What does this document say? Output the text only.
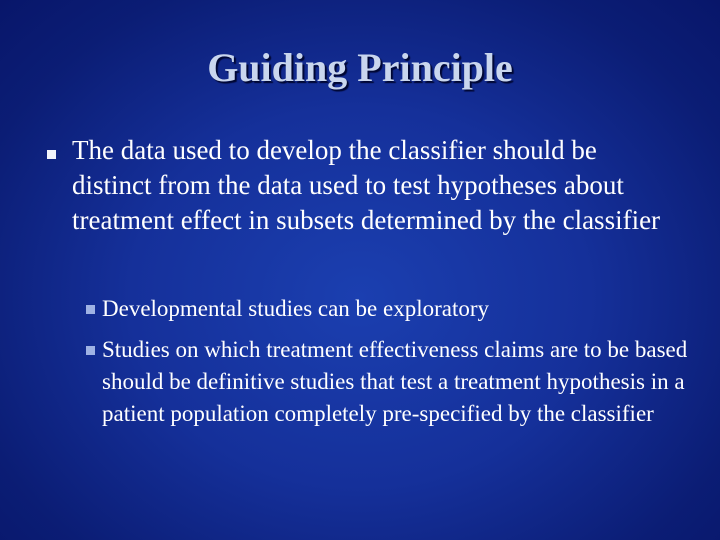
Guiding Principle
The data used to develop the classifier should be distinct from the data used to test hypotheses about treatment effect in subsets determined by the classifier
Developmental studies can be exploratory
Studies on which treatment effectiveness claims are to be based should be definitive studies that test a treatment hypothesis in a patient population completely pre-specified by the classifier
